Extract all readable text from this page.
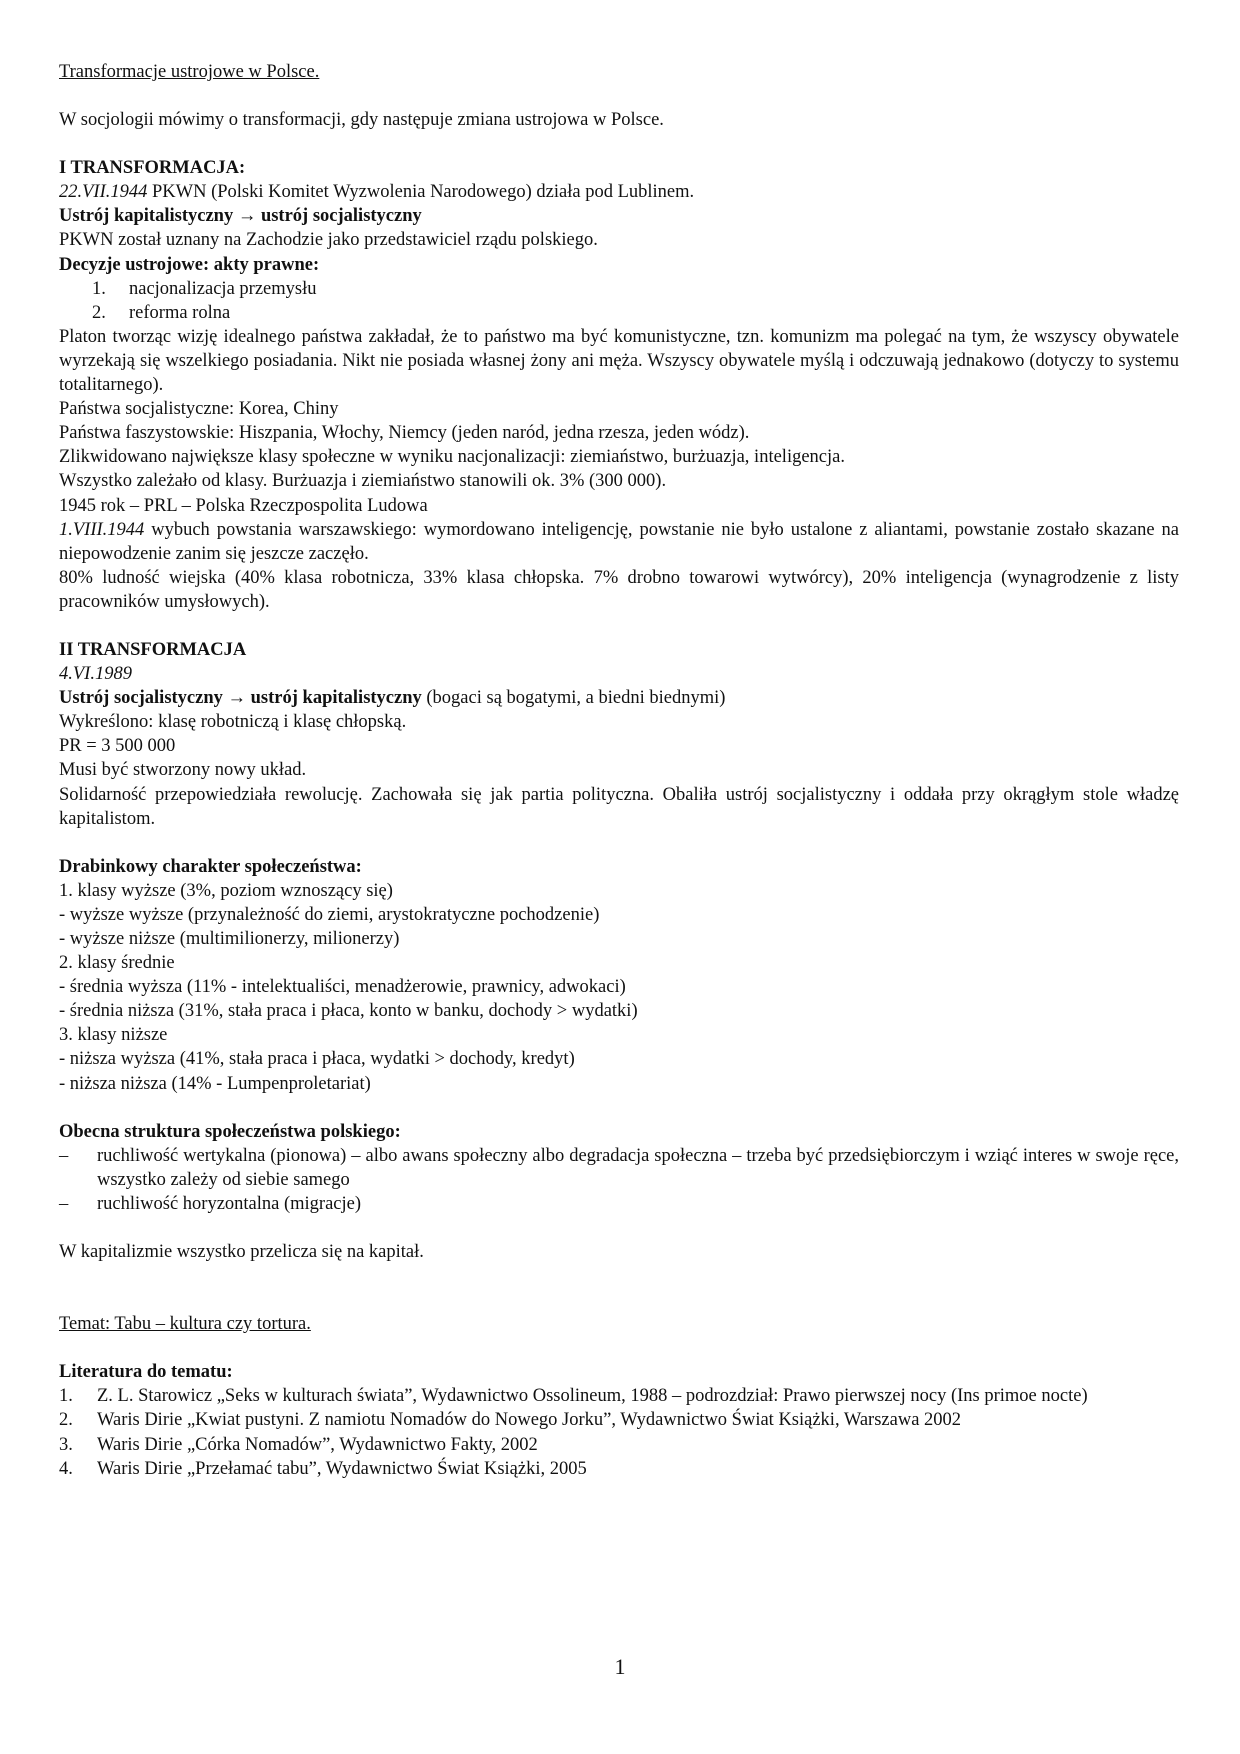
Transformacje ustrojowe w Polsce.

W socjologii mówimy o transformacji, gdy następuje zmiana ustrojowa w Polsce.

I TRANSFORMACJA:

22.VII.1944 PKWN (Polski Komitet Wyzwolenia Narodowego) działa pod Lublinem.

Ustrój kapitalistyczny → ustrój socjalistyczny

PKWN został uznany na Zachodzie jako przedstawiciel rządu polskiego.

Decyzje ustrojowe: akty prawne:

1.	nacjonalizacja przemysłu
2.	reforma rolna

Platon tworząc wizję idealnego państwa zakładał, że to państwo ma być komunistyczne, tzn. komunizm ma polegać na tym, że wszyscy obywatele wyrzekają się wszelkiego posiadania. Nikt nie posiada własnej żony ani męża. Wszyscy obywatele myślą i odczuwają jednakowo (dotyczy to systemu totalitarnego).

Państwa socjalistyczne: Korea, Chiny

Państwa faszystowskie: Hiszpania, Włochy, Niemcy (jeden naród, jedna rzesza, jeden wódz).

Zlikwidowano największe klasy społeczne w wyniku nacjonalizacji: ziemiaństwo, burżuazja, inteligencja.

Wszystko zależało od klasy. Burżuazja i ziemiaństwo stanowili ok. 3% (300 000).

1945 rok – PRL – Polska Rzeczpospolita Ludowa

1.VIII.1944 wybuch powstania warszawskiego: wymordowano inteligencję, powstanie nie było ustalone z aliantami, powstanie zostało skazane na niepowodzenie zanim się jeszcze zaczęło.

80% ludność wiejska (40% klasa robotnicza, 33% klasa chłopska. 7% drobno towarowi wytwórcy), 20% inteligencja (wynagrodzenie z listy pracowników umysłowych).

II TRANSFORMACJA

4.VI.1989

Ustrój socjalistyczny → ustrój kapitalistyczny (bogaci są bogatymi, a biedni biednymi)

Wykreślono: klasę robotniczą i klasę chłopską.

PR = 3 500 000

Musi być stworzony nowy układ.

Solidarność przepowiedziała rewolucję. Zachowała się jak partia polityczna. Obaliła ustrój socjalistyczny i oddała przy okrągłym stole władzę kapitalistom.

Drabinkowy charakter społeczeństwa:

1. klasy wyższe (3%, poziom wznoszący się)

- wyższe wyższe (przynależność do ziemi, arystokratyczne pochodzenie)

- wyższe niższe (multimilionerzy, milionerzy)

2. klasy średnie

- średnia wyższa (11% - intelektualiści, menadżerowie, prawnicy, adwokaci)

- średnia niższa (31%, stała praca i płaca, konto w banku, dochody > wydatki)

3. klasy niższe

- niższa wyższa (41%, stała praca i płaca, wydatki > dochody, kredyt)

- niższa niższa (14% - Lumpenproletariat)

Obecna struktura społeczeństwa polskiego:

–	ruchliwość wertykalna (pionowa) – albo awans społeczny albo degradacja społeczna – trzeba być przedsiębiorczym i wziąć interes w swoje ręce, wszystko zależy od siebie samego
–	ruchliwość horyzontalna (migracje)

W kapitalizmie wszystko przelicza się na kapitał.

Temat: Tabu – kultura czy tortura.

Literatura do tematu:

1.	Z. L. Starowicz „Seks w kulturach świata”, Wydawnictwo Ossolineum, 1988 – podrozdział: Prawo pierwszej nocy (Ins primoe nocte)
2.	Waris Dirie „Kwiat pustyni. Z namiotu Nomadów do Nowego Jorku”, Wydawnictwo Świat Książki, Warszawa 2002
3.	Waris Dirie „Córka Nomadów”, Wydawnictwo Fakty, 2002
4.	Waris Dirie „Przełamać tabu”, Wydawnictwo Świat Książki, 2005
1
